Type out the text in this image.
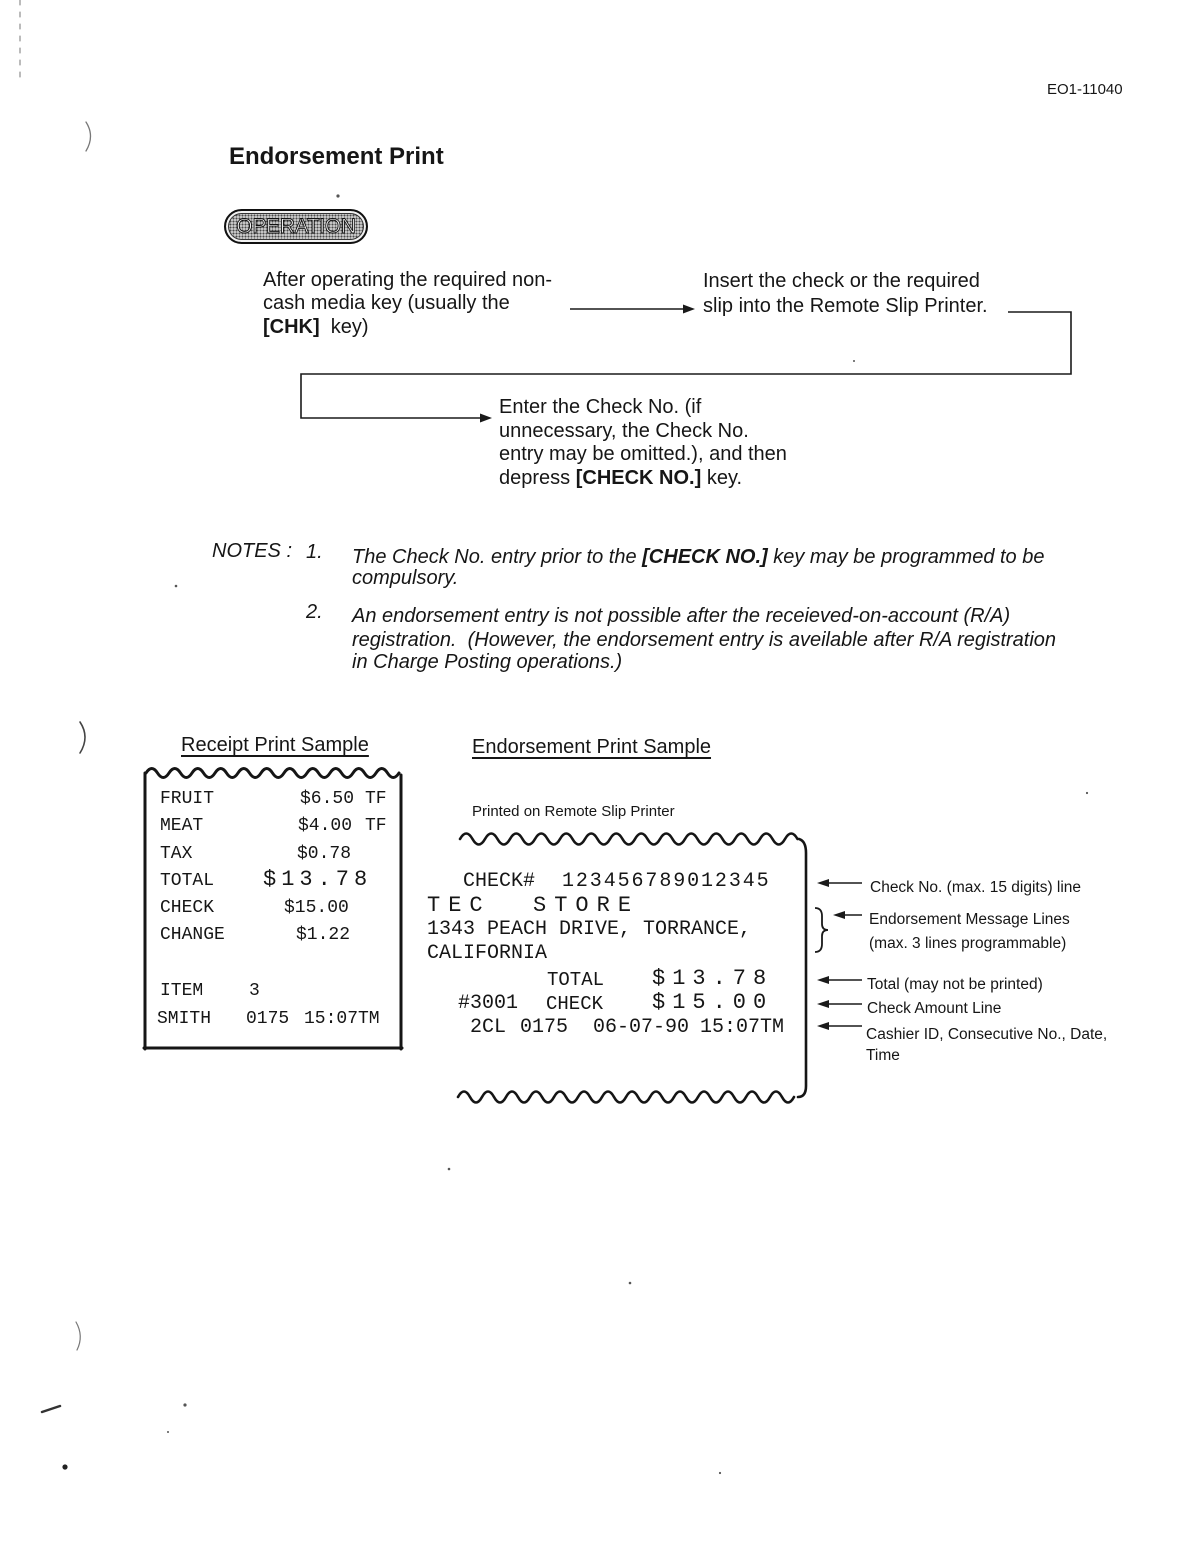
EO1-11040
Endorsement Print
OPERATION
After operating the required non-
cash media key (usually the
[CHK]  key)
Insert the check or the required
slip into the Remote Slip Printer.
Enter the Check No. (if
unnecessary, the Check No.
entry may be omitted.), and then
depress [CHECK NO.] key.
NOTES : 1. The Check No. entry prior to the [CHECK NO.] key may be programmed to be
compulsory.
2. An endorsement entry is not possible after the receieved-on-account (R/A)
registration.  (However, the endorsement entry is aveilable after R/A registration
in Charge Posting operations.)
Receipt Print Sample	Endorsement Print Sample
Printed on Remote Slip Printer
FRUIT	$6.50 TF
MEAT	$4.00 TF
TAX	$0.78
TOTAL $13.78
CHECK	$15.00
CHANGE	$1.22
ITEM	3
SMITH 0175 15:07TM
CHECK# 123456789012345
TEC  STORE
1343 PEACH DRIVE, TORRANCE,
CALIFORNIA
TOTAL $13.78
#3001 CHECK $15.00
2CL 0175 06-07-90 15:07TM
Check No. (max. 15 digits) line
Endorsement Message Lines
(max. 3 lines programmable)
Total (may not be printed)
Check Amount Line
Cashier ID, Consecutive No., Date,
Time
